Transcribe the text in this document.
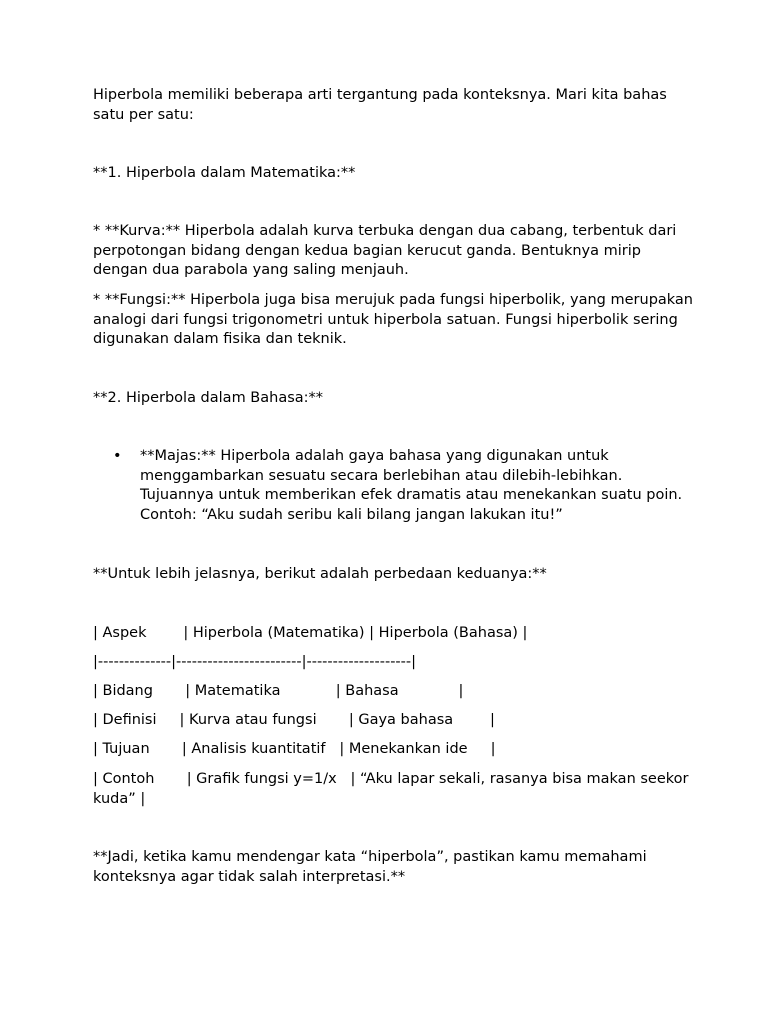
Hiperbola memiliki beberapa arti tergantung pada konteksnya. Mari kita bahas satu per satu:

**1. Hiperbola dalam Matematika:**

* **Kurva:** Hiperbola adalah kurva terbuka dengan dua cabang, terbentuk dari perpotongan bidang dengan kedua bagian kerucut ganda. Bentuknya mirip dengan dua parabola yang saling menjauh.

* **Fungsi:** Hiperbola juga bisa merujuk pada fungsi hiperbolik, yang merupakan analogi dari fungsi trigonometri untuk hiperbola satuan. Fungsi hiperbolik sering digunakan dalam fisika dan teknik.

**2. Hiperbola dalam Bahasa:**

• **Majas:** Hiperbola adalah gaya bahasa yang digunakan untuk menggambarkan sesuatu secara berlebihan atau dilebih-lebihkan. Tujuannya untuk memberikan efek dramatis atau menekankan suatu poin. Contoh: “Aku sudah seribu kali bilang jangan lakukan itu!”

**Untuk lebih jelasnya, berikut adalah perbedaan keduanya:**

| Aspek        | Hiperbola (Matematika) | Hiperbola (Bahasa) |

|--------------|------------------------|--------------------|

| Bidang       | Matematika            | Bahasa             |

| Definisi     | Kurva atau fungsi       | Gaya bahasa        |

| Tujuan       | Analisis kuantitatif   | Menekankan ide     |

| Contoh       | Grafik fungsi y=1/x   | “Aku lapar sekali, rasanya bisa makan seekor kuda” |

**Jadi, ketika kamu mendengar kata “hiperbola”, pastikan kamu memahami konteksnya agar tidak salah interpretasi.**
